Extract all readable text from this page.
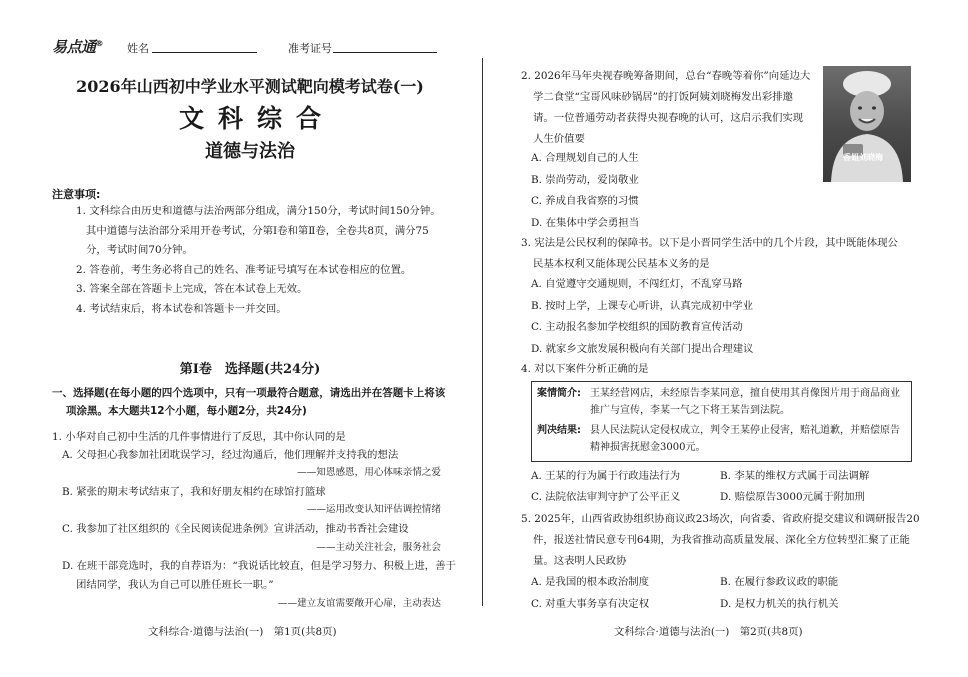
易点通® 姓名	准考证号
2026年山西初中学业水平测试靶向模考试卷(一)
文科综合
道德与法治
注意事项:
1. 文科综合由历史和道德与法治两部分组成，满分150分，考试时间150分钟。
其中道德与法治部分采用开卷考试，分第Ⅰ卷和第Ⅱ卷，全卷共8页，满分75
分，考试时间70分钟。
2. 答卷前，考生务必将自己的姓名、准考证号填写在本试卷相应的位置。
3. 答案全部在答题卡上完成，答在本试卷上无效。
4. 考试结束后，将本试卷和答题卡一并交回。
第Ⅰ卷　选择题(共24分)
一、选择题(在每小题的四个选项中，只有一项最符合题意，请选出并在答题卡上将该
项涂黑。本大题共12个小题，每小题2分，共24分)
1. 小华对自己初中生活的几件事情进行了反思，其中你认同的是
A. 父母担心我参加社团耽误学习，经过沟通后，他们理解并支持我的想法
——知恩感恩，用心体味亲情之爱
B. 紧张的期末考试结束了，我和好朋友相约在球馆打篮球
——运用改变认知评估调控情绪
C. 我参加了社区组织的《全民阅读促进条例》宣讲活动，推动书香社会建设
——主动关注社会，服务社会
D. 在班干部竞选时，我的自荐语为：“我说话比较直，但是学习努力、积极上进，善于
团结同学，我认为自己可以胜任班长一职。”
——建立友谊需要敞开心扉，主动表达
文科综合·道德与法治(一)　第1页(共8页)
2. 2026年马年央视春晚筹备期间，总台“春晚等着你”向延边大
学二食堂“宝哥风味砂锅居”的打饭阿姨刘晓梅发出彩排邀
请。一位普通劳动者获得央视春晚的认可，这启示我们实现
人生价值要
香姐刘晓梅
A. 合理规划自己的人生
B. 崇尚劳动，爱岗敬业
C. 养成自我省察的习惯
D. 在集体中学会勇担当
3. 宪法是公民权利的保障书。以下是小晋同学生活中的几个片段，其中既能体现公
民基本权利又能体现公民基本义务的是
A. 自觉遵守交通规则，不闯红灯，不乱穿马路
B. 按时上学，上课专心听讲，认真完成初中学业
C. 主动报名参加学校组织的国防教育宣传活动
D. 就家乡文旅发展积极向有关部门提出合理建议
4. 对以下案件分析正确的是
案情简介: 王某经营网店，未经原告李某同意，擅自使用其肖像图片用于商品商业
推广与宣传，李某一气之下将王某告到法院。
判决结果: 县人民法院认定侵权成立，判令王某停止侵害，赔礼道歉，并赔偿原告
精神损害抚慰金3000元。
A. 王某的行为属于行政违法行为	B. 李某的维权方式属于司法调解
C. 法院依法审判守护了公平正义	D. 赔偿原告3000元属于附加刑
5. 2025年，山西省政协组织协商议政23场次，向省委、省政府提交建议和调研报告20
件，报送社情民意专刊64期，为我省推动高质量发展、深化全方位转型汇聚了正能
量。这表明人民政协
A. 是我国的根本政治制度	B. 在履行参政议政的职能
C. 对重大事务享有决定权	D. 是权力机关的执行机关
文科综合·道德与法治(一)　第2页(共8页)
